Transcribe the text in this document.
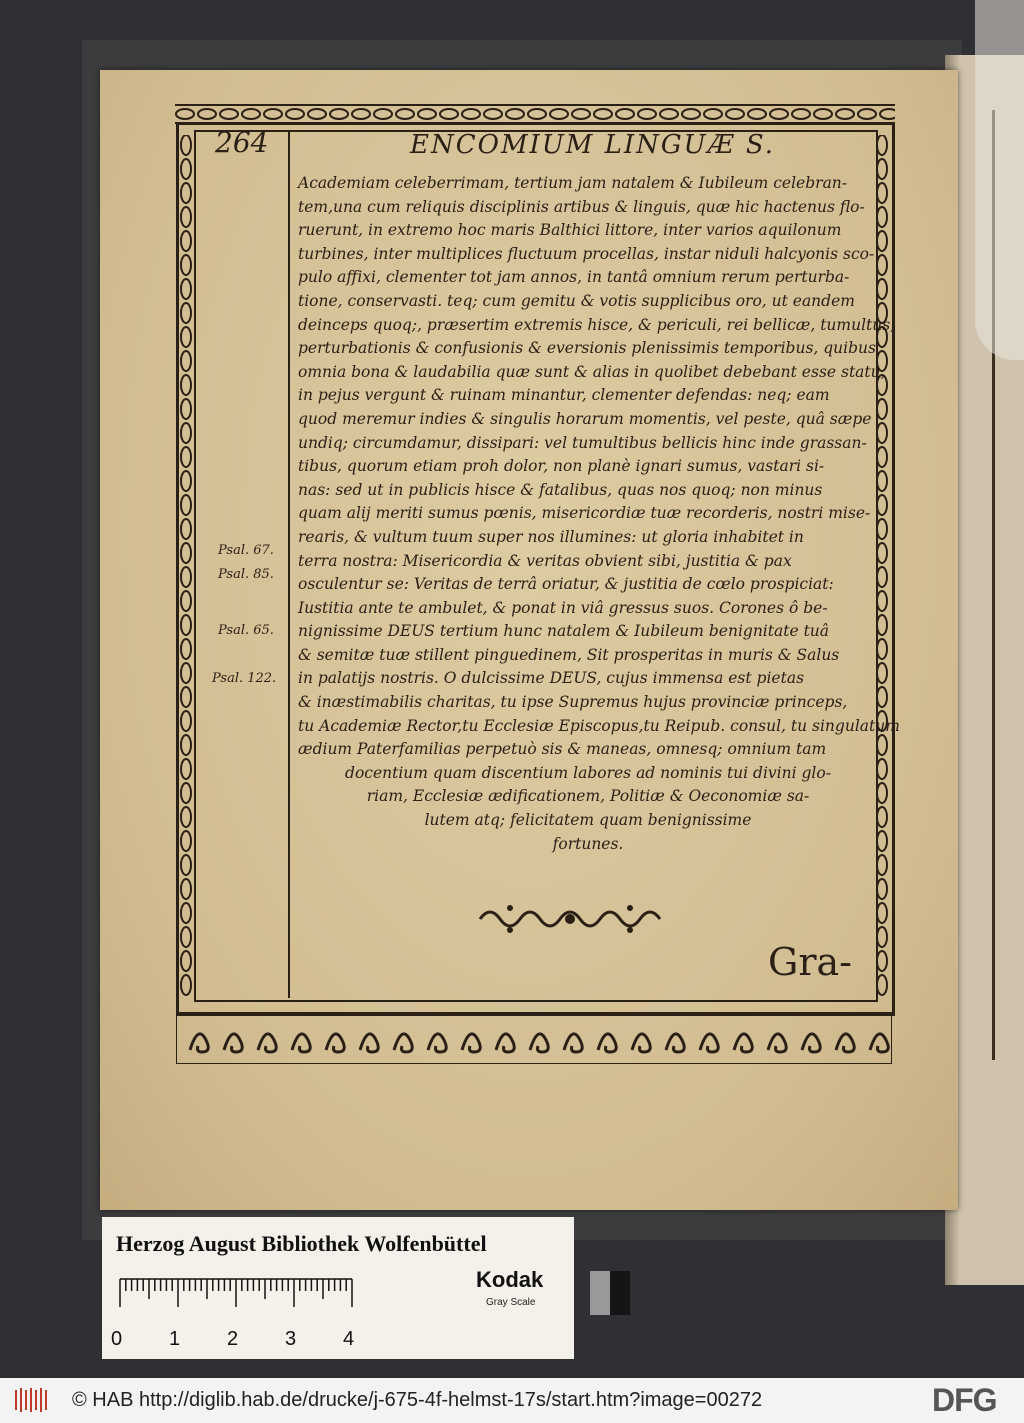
264	ENCOMIUM LINGUÆ S.
Academiam celeberrimam, tertium jam natalem & Iubileum celebran-
tem,una cum reliquis disciplinis artibus & linguis, quæ hic hactenus flo-
ruerunt, in extremo hoc maris Balthici littore, inter varios aquilonum
turbines, inter multiplices fluctuum procellas, instar niduli halcyonis sco-
pulo affixi, clementer tot jam annos, in tantâ omnium rerum perturba-
tione, conservasti. teq; cum gemitu & votis supplicibus oro, ut eandem
deinceps quoq;, præsertim extremis hisce, & periculi, rei bellicæ, tumultus,
perturbationis & confusionis & eversionis plenissimis temporibus, quibus
omnia bona & laudabilia quæ sunt & alias in quolibet debebant esse statu,
in pejus vergunt & ruinam minantur, clementer defendas: neq; eam
quod meremur indies & singulis horarum momentis, vel peste, quâ sæpe
undiq; circumdamur, dissipari: vel tumultibus bellicis hinc inde grassan-
tibus, quorum etiam proh dolor, non planè ignari sumus, vastari si-
nas: sed ut in publicis hisce & fatalibus, quas nos quoq; non minus
quam alij meriti sumus pœnis, misericordiæ tuæ recorderis, nostri mise-
rearis, & vultum tuum super nos illumines: ut gloria inhabitet in
terra nostra: Misericordia & veritas obvient sibi, justitia & pax
osculentur se: Veritas de terrâ oriatur, & justitia de cœlo prospiciat:
Iustitia ante te ambulet, & ponat in viâ gressus suos. Corones ô be-
nignissime DEUS tertium hunc natalem & Iubileum benignitate tuâ
& semitæ tuæ stillent pinguedinem, Sit prosperitas in muris & Salus
in palatijs nostris. O dulcissime DEUS, cujus immensa est pietas
& inæstimabilis charitas, tu ipse Supremus hujus provinciæ princeps,
tu Academiæ Rector,tu Ecclesiæ Episcopus,tu Reipub. consul, tu singulatum
ædium Paterfamilias perpetuò sis & maneas, omnesq; omnium tam
docentium quam discentium labores ad nominis tui divini glo-
riam, Ecclesiæ ædificationem, Politiæ & Oeconomiæ sa-
lutem atq; felicitatem quam benignissime
fortunes.
Psal. 67.
Psal. 85.
Psal. 65.
Psal. 122.
Gra-
Herzog August Bibliothek Wolfenbüttel
0 1 2 3 4
Kodak
Gray Scale
© HAB http://diglib.hab.de/drucke/j-675-4f-helmst-17s/start.htm?image=00272	DFG
